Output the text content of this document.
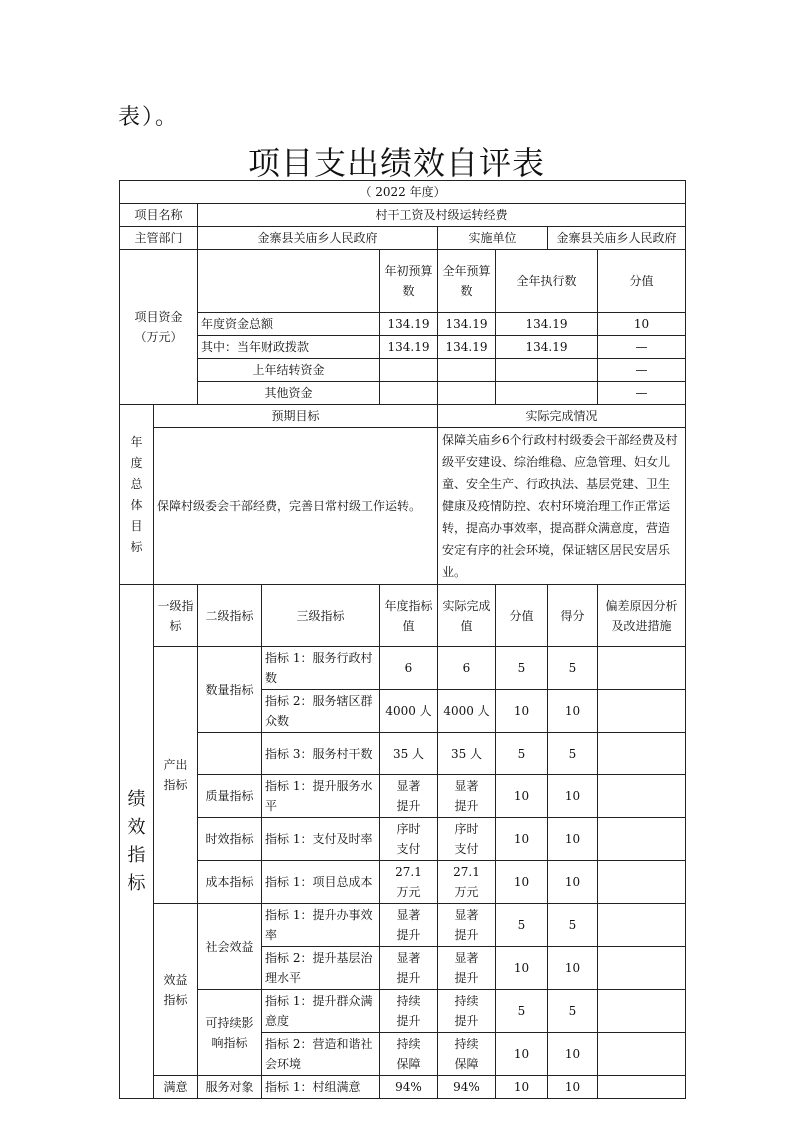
表）。
项目支出绩效自评表
（ 2022 年度）									
项目名称		村干工资及村级运转经费							
主管部门		金寨县关庙乡人民政府			实施单位		金寨县关庙乡人民政府		

项目资金（万元）				年初预算数	全年预算数	全年执行数		分值		
		年度资金总额		134.19	134.19	134.19		10		
		其中：当年财政拨款		134.19	134.19	134.19		—		
		上年结转资金						—		
		其他资金						—		

年度总体目标	预期目标				实际完成情况				
	保障村级委会干部经费，完善日常村级工作运转。				保障关庙乡6个行政村村级委会干部经费及村级平安建设、综治维稳、应急管理、妇女儿童、安全生产、行政执法、基层党建、卫生健康及疫情防控、农村环境治理工作正常运转，提高办事效率，提高群众满意度，营造安定有序的社会环境，保证辖区居民安居乐业。				

绩效指标	一级指标	二级指标	三级指标	年度指标值	实际完成值	分值	得分	偏差原因分析及改进措施	

	产出指标	数量指标	指标 1：服务行政村数	6	6	5	5		
			指标 2：服务辖区群众数	4000 人	4000 人	10	10		
			指标 3：服务村干数	35 人	35 人	5	5		
		质量指标	指标 1：提升服务水平	显著提升	显著提升	10	10		
		时效指标	指标 1：支付及时率	序时支付	序时支付	10	10		
		成本指标	指标 1：项目总成本	27.1 万元	27.1 万元	10	10		

	效益指标	社会效益	指标 1：提升办事效率	显著提升	显著提升	5	5		
			指标 2：提升基层治理水平	显著提升	显著提升	10	10		
		可持续影响指标	指标 1：提升群众满意度	持续提升	持续提升	5	5		
			指标 2：营造和谐社会环境	持续保障	持续保障	10	10		
	满意	服务对象	指标 1：村组满意	94%	94%	10	10		
